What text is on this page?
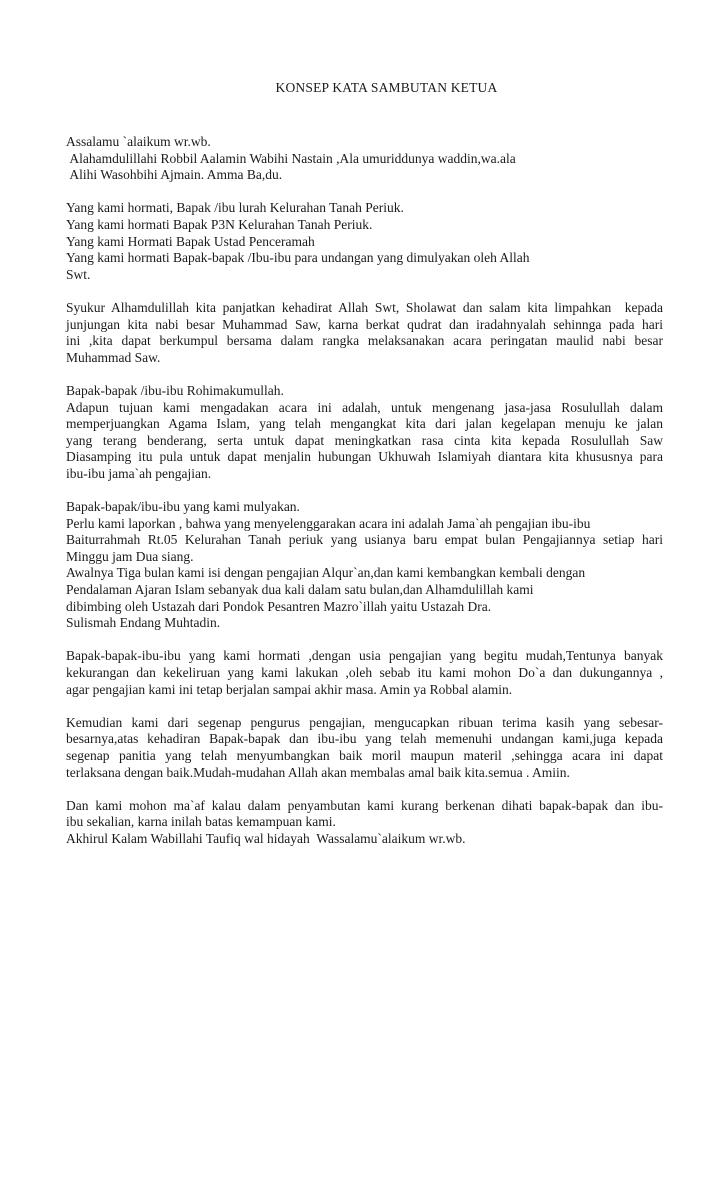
KONSEP KATA SAMBUTAN KETUA
Assalamu `alaikum wr.wb.
Alahamdulillahi Robbil Aalamin Wabihi Nastain ,Ala umuriddunya waddin,wa.ala
Alihi Wasohbihi Ajmain. Amma Ba,du.
Yang kami hormati, Bapak /ibu lurah Kelurahan Tanah Periuk.
Yang kami hormati Bapak P3N Kelurahan Tanah Periuk.
Yang kami Hormati Bapak Ustad Penceramah
Yang kami hormati Bapak-bapak /Ibu-ibu para undangan yang dimulyakan oleh Allah
Swt.
Syukur Alhamdulillah kita panjatkan kehadirat Allah Swt, Sholawat dan salam kita limpahkan  kepada
junjungan kita nabi besar Muhammad Saw, karna berkat qudrat dan iradahnyalah sehinnga pada hari
ini ,kita dapat berkumpul bersama dalam rangka melaksanakan acara peringatan maulid nabi besar
Muhammad Saw.
Bapak-bapak /ibu-ibu Rohimakumullah.
Adapun tujuan kami mengadakan acara ini adalah, untuk mengenang jasa-jasa Rosulullah dalam
memperjuangkan Agama Islam, yang telah mengangkat kita dari jalan kegelapan menuju ke jalan
yang terang benderang, serta untuk dapat meningkatkan rasa cinta kita kepada Rosulullah Saw
Diasamping itu pula untuk dapat menjalin hubungan Ukhuwah Islamiyah diantara kita khususnya para
ibu-ibu jama`ah pengajian.
Bapak-bapak/ibu-ibu yang kami mulyakan.
Perlu kami laporkan , bahwa yang menyelenggarakan acara ini adalah Jama`ah pengajian ibu-ibu
Baiturrahmah Rt.05 Kelurahan Tanah periuk yang usianya baru empat bulan Pengajiannya setiap hari
Minggu jam Dua siang.
Awalnya Tiga bulan kami isi dengan pengajian Alqur`an,dan kami kembangkan kembali dengan
Pendalaman Ajaran Islam sebanyak dua kali dalam satu bulan,dan Alhamdulillah kami
dibimbing oleh Ustazah dari Pondok Pesantren Mazro`illah yaitu Ustazah Dra.
Sulismah Endang Muhtadin.
Bapak-bapak-ibu-ibu yang kami hormati ,dengan usia pengajian yang begitu mudah,Tentunya banyak
kekurangan dan kekeliruan yang kami lakukan ,oleh sebab itu kami mohon Do`a dan dukungannya ,
agar pengajian kami ini tetap berjalan sampai akhir masa. Amin ya Robbal alamin.
Kemudian kami dari segenap pengurus pengajian, mengucapkan ribuan terima kasih yang sebesar-
besarnya,atas kehadiran Bapak-bapak dan ibu-ibu yang telah memenuhi undangan kami,juga kepada
segenap panitia yang telah menyumbangkan baik moril maupun materil ,sehingga acara ini dapat
terlaksana dengan baik.Mudah-mudahan Allah akan membalas amal baik kita.semua . Amiin.
Dan kami mohon ma`af kalau dalam penyambutan kami kurang berkenan dihati bapak-bapak dan ibu-
ibu sekalian, karna inilah batas kemampuan kami.
Akhirul Kalam Wabillahi Taufiq wal hidayah  Wassalamu`alaikum wr.wb.
